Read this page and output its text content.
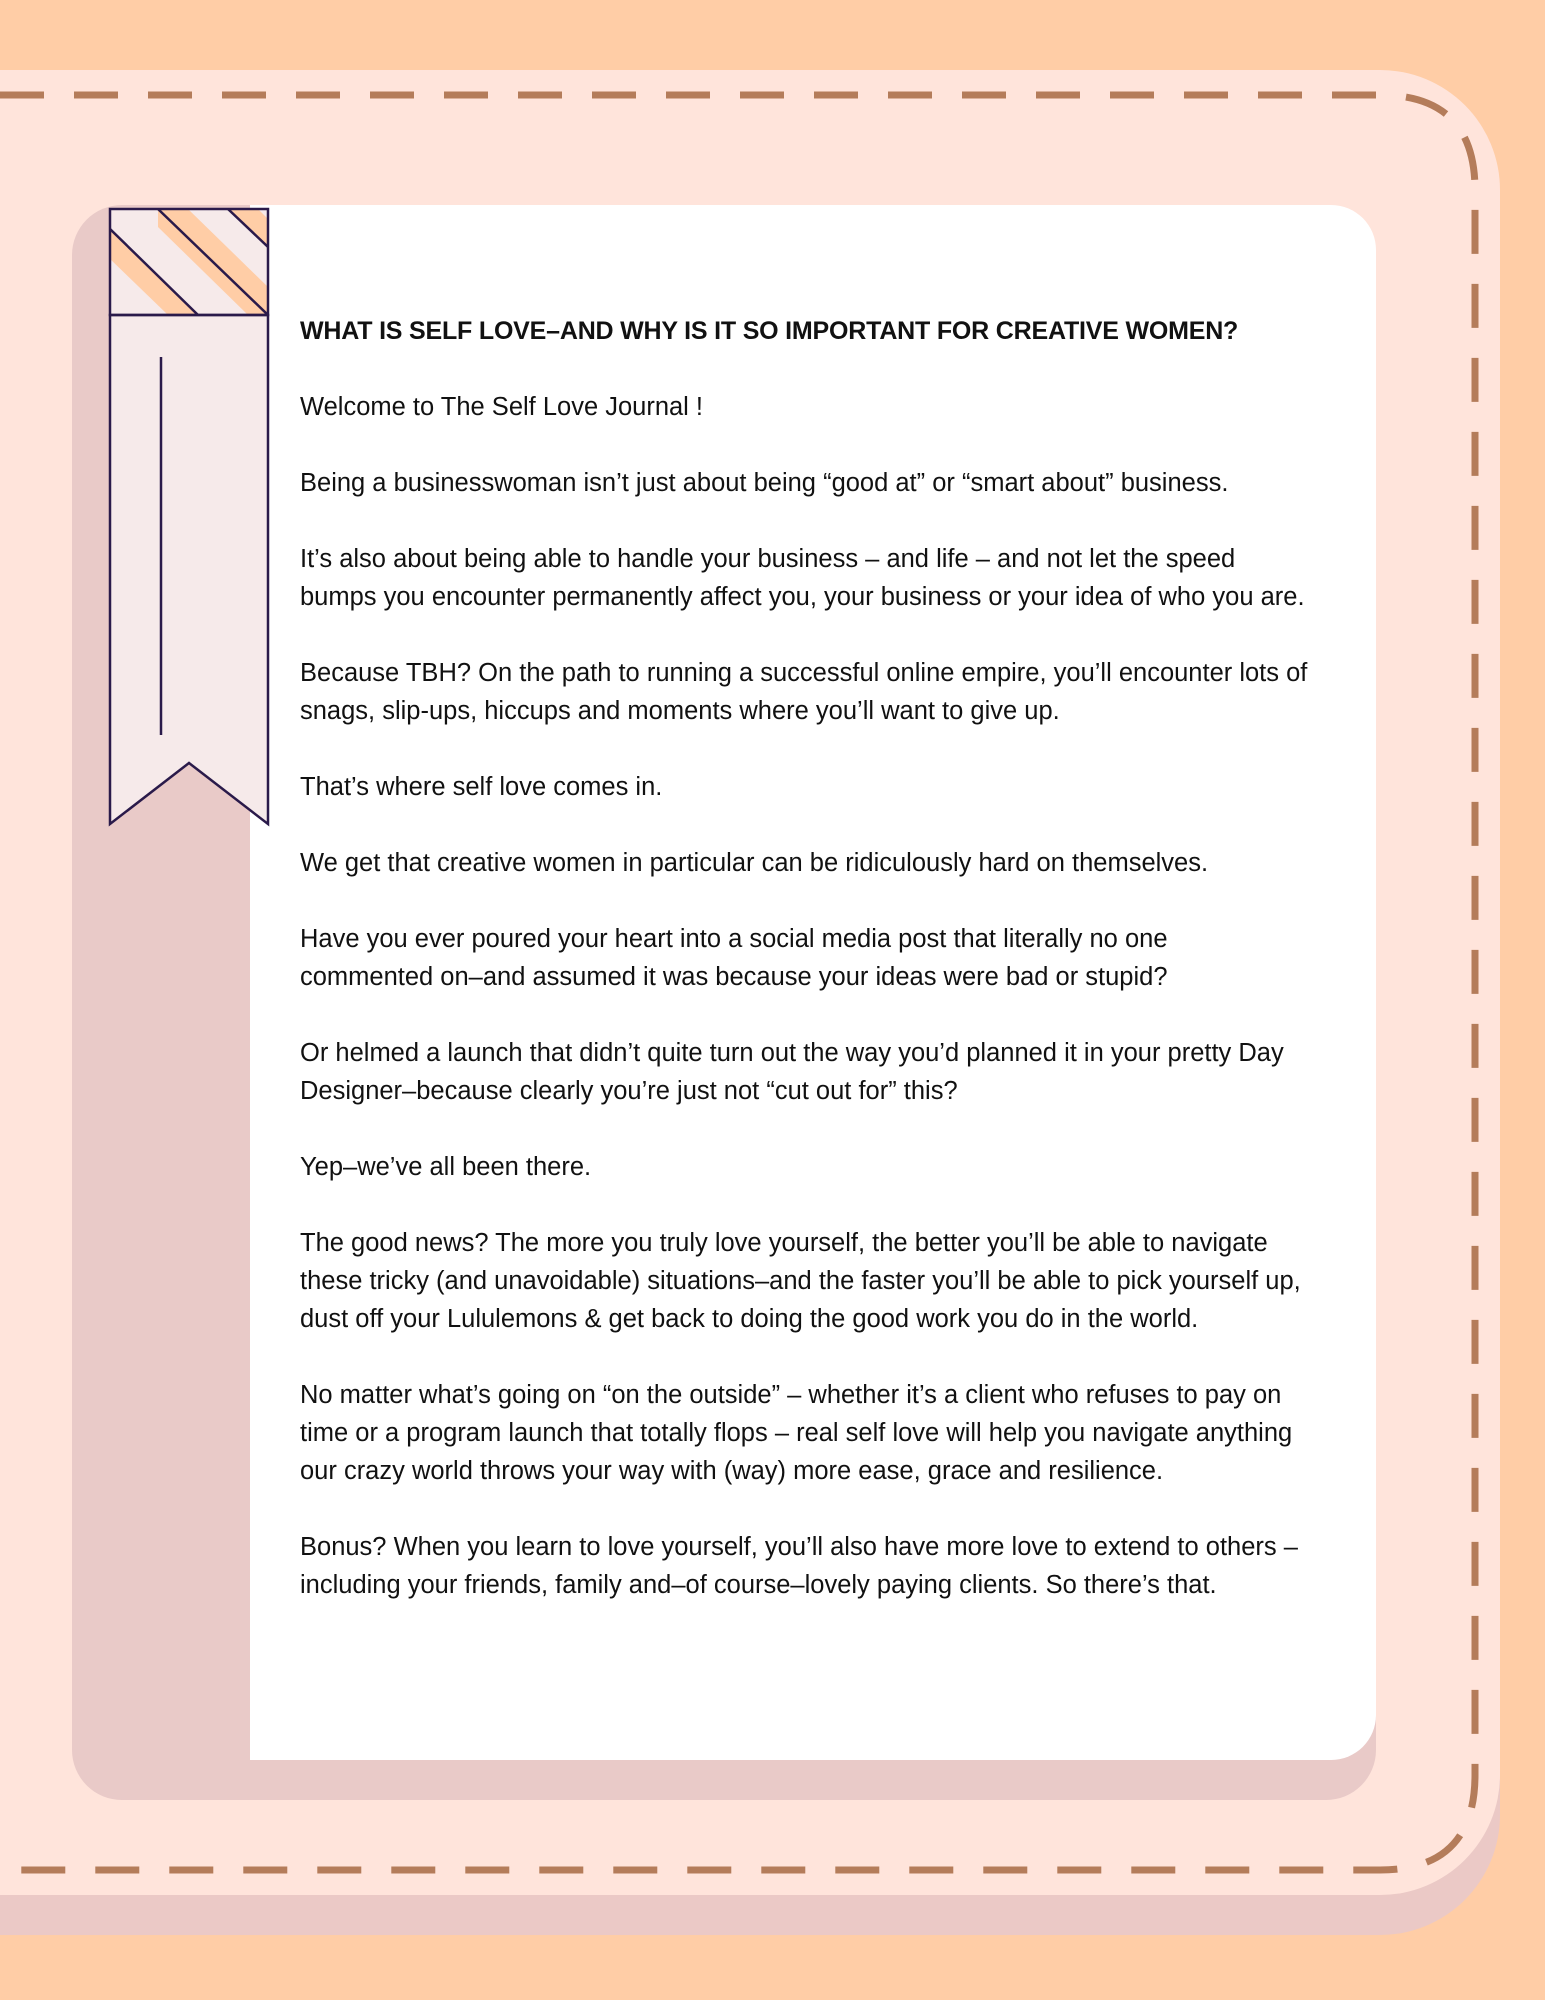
WHAT IS SELF LOVE–AND WHY IS IT SO IMPORTANT FOR CREATIVE WOMEN?

Welcome to The Self Love Journal !

Being a businesswoman isn’t just about being “good at” or “smart about” business.

It’s also about being able to handle your business – and life – and not let the speed
bumps you encounter permanently affect you, your business or your idea of who you are.

Because TBH? On the path to running a successful online empire, you’ll encounter lots of
snags, slip-ups, hiccups and moments where you’ll want to give up.

That’s where self love comes in.

We get that creative women in particular can be ridiculously hard on themselves.

Have you ever poured your heart into a social media post that literally no one
commented on–and assumed it was because your ideas were bad or stupid?

Or helmed a launch that didn’t quite turn out the way you’d planned it in your pretty Day
Designer–because clearly you’re just not “cut out for” this?

Yep–we’ve all been there.

The good news? The more you truly love yourself, the better you’ll be able to navigate
these tricky (and unavoidable) situations–and the faster you’ll be able to pick yourself up,
dust off your Lululemons & get back to doing the good work you do in the world.

No matter what’s going on “on the outside” – whether it’s a client who refuses to pay on
time or a program launch that totally flops – real self love will help you navigate anything
our crazy world throws your way with (way) more ease, grace and resilience.

Bonus? When you learn to love yourself, you’ll also have more love to extend to others –
including your friends, family and–of course–lovely paying clients. So there’s that.
